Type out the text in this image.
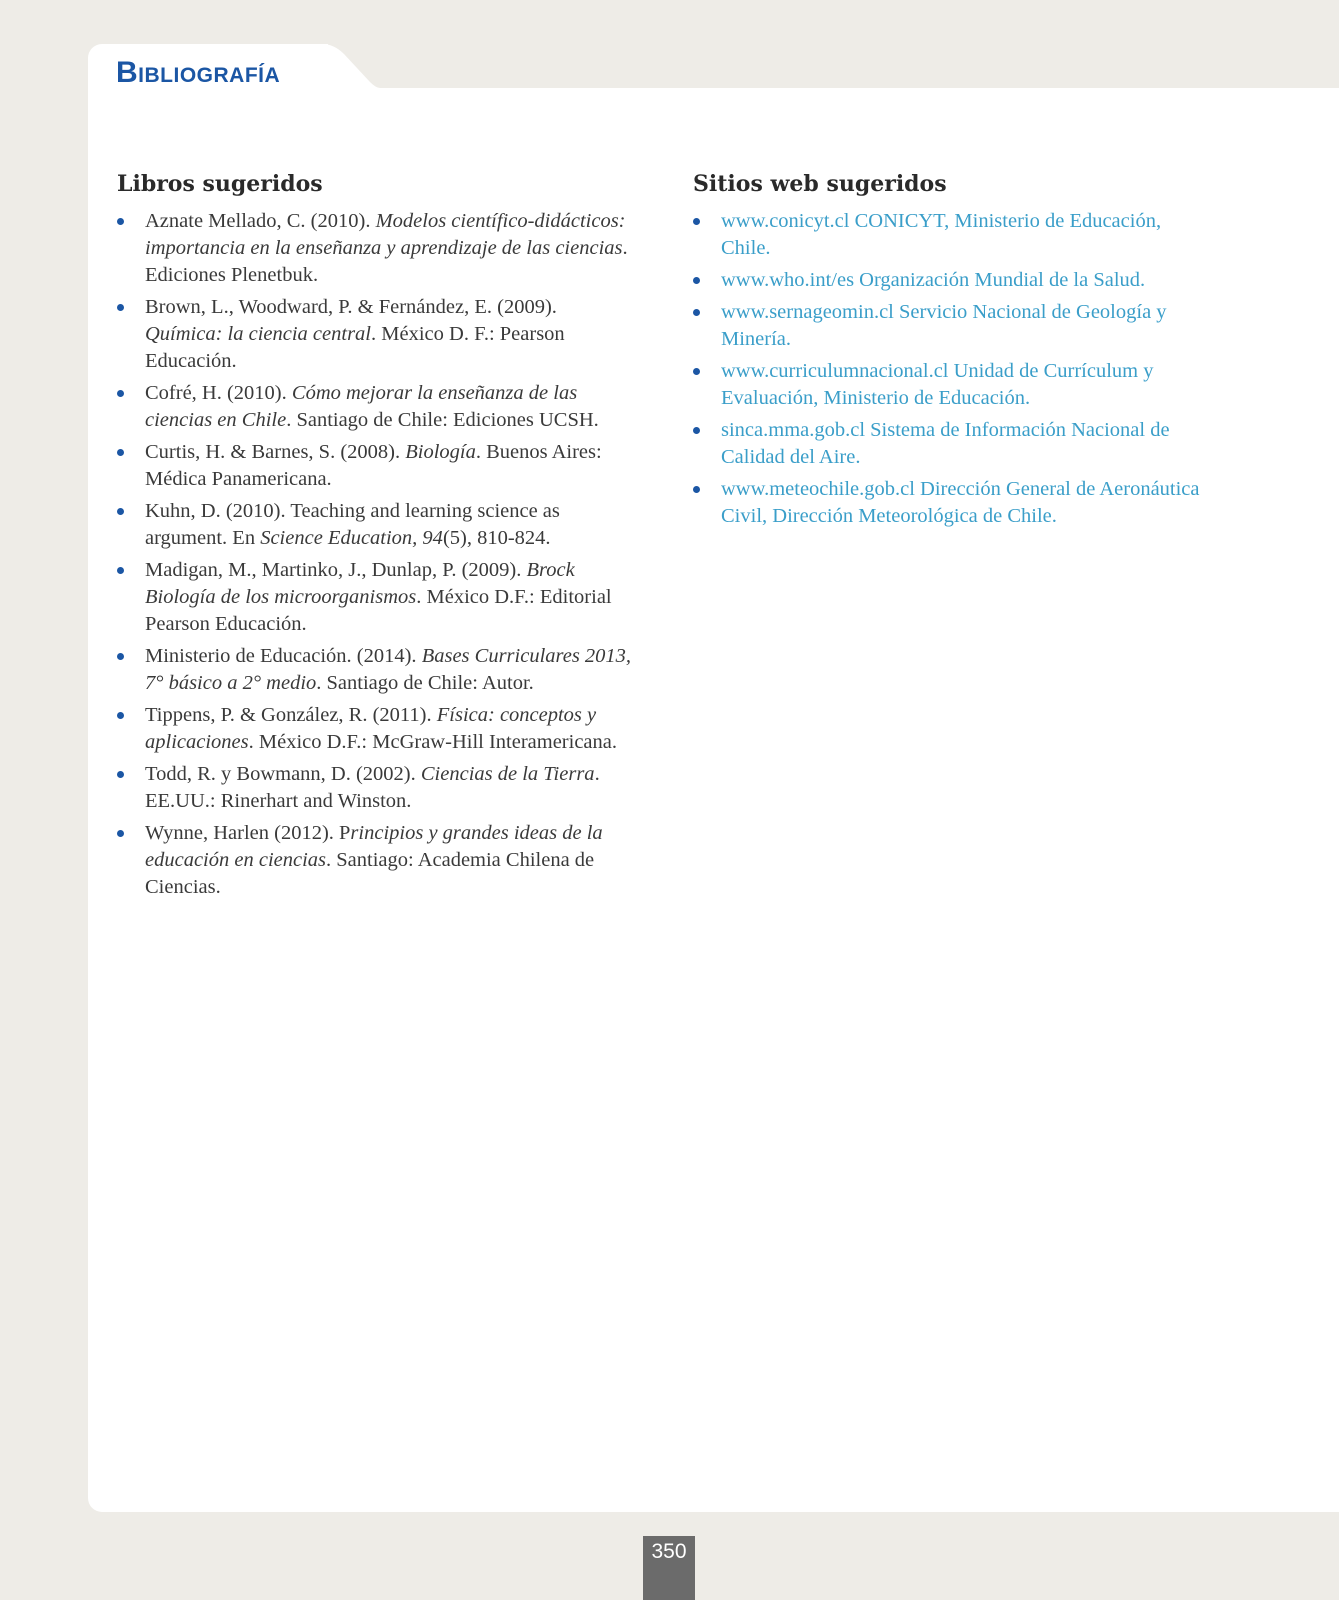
Bibliografía
Libros sugeridos
Aznate Mellado, C. (2010). Modelos científico-didácticos: importancia en la enseñanza y aprendizaje de las ciencias. Ediciones Plenetbuk.
Brown, L., Woodward, P. & Fernández, E. (2009). Química: la ciencia central. México D. F.: Pearson Educación.
Cofré, H. (2010). Cómo mejorar la enseñanza de las ciencias en Chile. Santiago de Chile: Ediciones UCSH.
Curtis, H. & Barnes, S. (2008). Biología. Buenos Aires: Médica Panamericana.
Kuhn, D. (2010). Teaching and learning science as argument. En Science Education, 94(5), 810-824.
Madigan, M., Martinko, J., Dunlap, P. (2009). Brock Biología de los microorganismos. México D.F.: Editorial Pearson Educación.
Ministerio de Educación. (2014). Bases Curriculares 2013, 7° básico a 2° medio. Santiago de Chile: Autor.
Tippens, P. & González, R. (2011). Física: conceptos y aplicaciones. México D.F.: McGraw-Hill Interamericana.
Todd, R. y Bowmann, D. (2002). Ciencias de la Tierra. EE.UU.: Rinerhart and Winston.
Wynne, Harlen (2012). Principios y grandes ideas de la educación en ciencias. Santiago: Academia Chilena de Ciencias.
Sitios web sugeridos
www.conicyt.cl CONICYT, Ministerio de Educación, Chile.
www.who.int/es Organización Mundial de la Salud.
www.sernageomin.cl Servicio Nacional de Geología y Minería.
www.curriculumnacional.cl Unidad de Currículum y Evaluación, Ministerio de Educación.
sinca.mma.gob.cl Sistema de Información Nacional de Calidad del Aire.
www.meteochile.gob.cl Dirección General de Aeronáutica Civil, Dirección Meteorológica de Chile.
350
